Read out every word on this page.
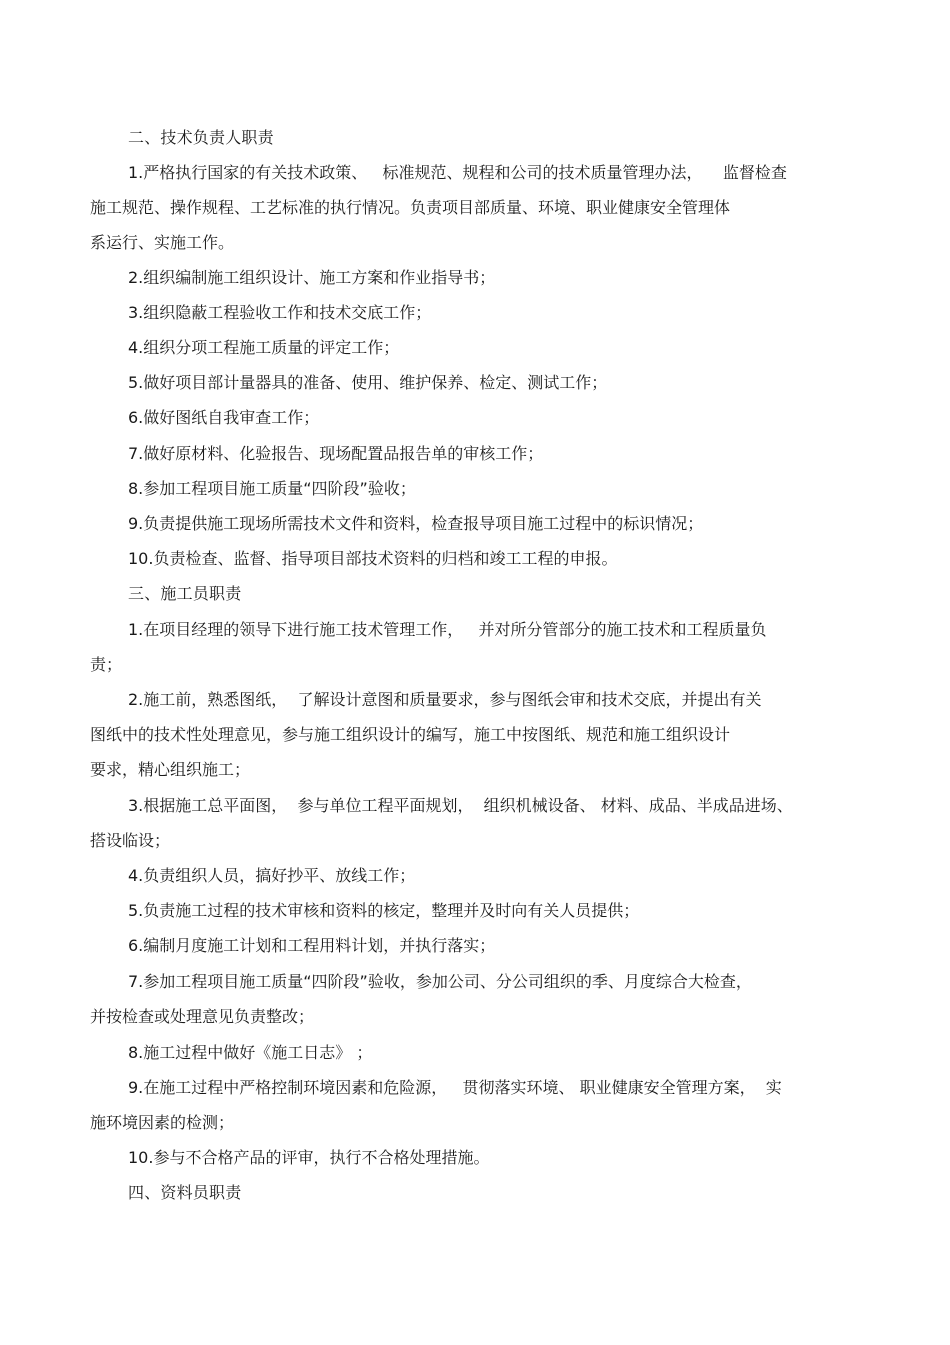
二、技术负责人职责
1.严格执行国家的有关技术政策、   标准规范、规程和公司的技术质量管理办法，    监督检查
施工规范、操作规程、工艺标准的执行情况。负责项目部质量、环境、职业健康安全管理体
系运行、实施工作。
2.组织编制施工组织设计、施工方案和作业指导书；
3.组织隐蔽工程验收工作和技术交底工作；
4.组织分项工程施工质量的评定工作；
5.做好项目部计量器具的准备、使用、维护保养、检定、测试工作；
6.做好图纸自我审查工作；
7.做好原材料、化验报告、现场配置品报告单的审核工作；
8.参加工程项目施工质量“四阶段”验收；
9.负责提供施工现场所需技术文件和资料，检查报导项目施工过程中的标识情况；
10.负责检查、监督、指导项目部技术资料的归档和竣工工程的申报。
三、施工员职责
1.在项目经理的领导下进行施工技术管理工作，   并对所分管部分的施工技术和工程质量负
责；
2.施工前，熟悉图纸，  了解设计意图和质量要求，参与图纸会审和技术交底，并提出有关
图纸中的技术性处理意见，参与施工组织设计的编写，施工中按图纸、规范和施工组织设计
要求，精心组织施工；
3.根据施工总平面图，  参与单位工程平面规划，  组织机械设备、 材料、成品、半成品进场、
搭设临设；
4.负责组织人员，搞好抄平、放线工作；
5.负责施工过程的技术审核和资料的核定，整理并及时向有关人员提供；
6.编制月度施工计划和工程用料计划，并执行落实；
7.参加工程项目施工质量“四阶段”验收，参加公司、分公司组织的季、月度综合大检查，
并按检查或处理意见负责整改；
8.施工过程中做好《施工日志》 ；
9.在施工过程中严格控制环境因素和危险源，   贯彻落实环境、 职业健康安全管理方案，  实
施环境因素的检测；
10.参与不合格产品的评审，执行不合格处理措施。
四、资料员职责
